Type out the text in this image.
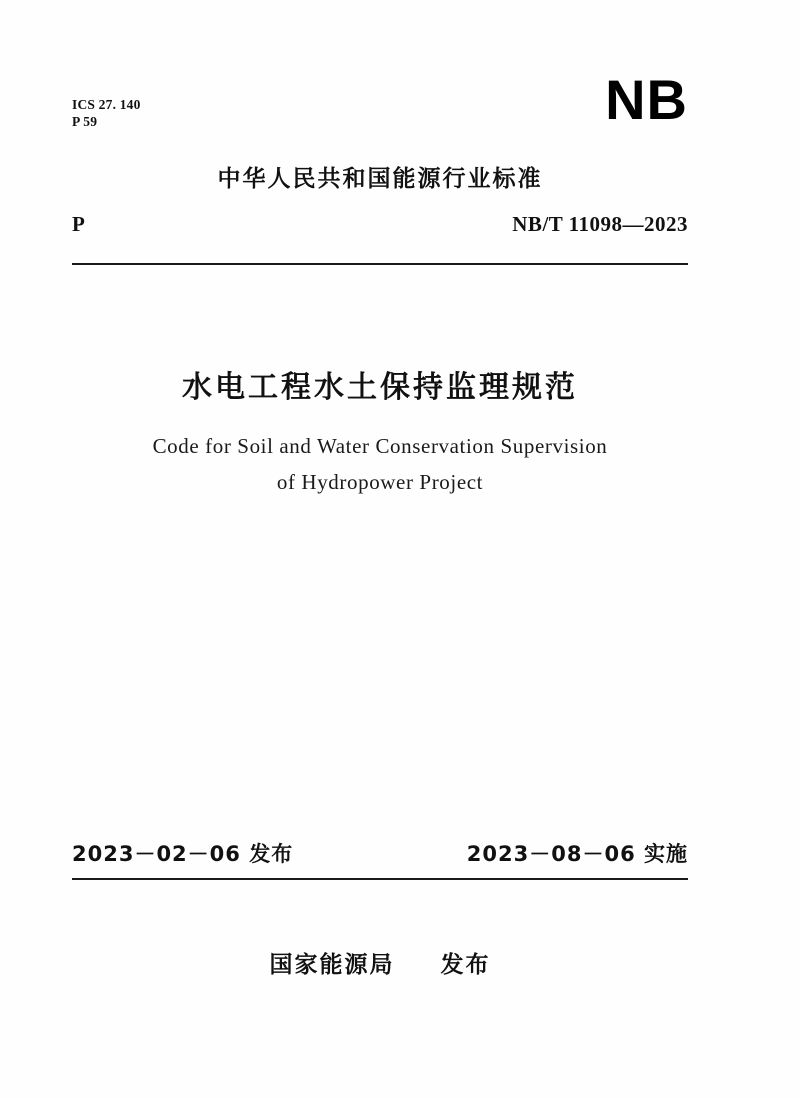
ICS 27. 140
P 59	NB
中华人民共和国能源行业标准
P	NB/T 11098—2023
水电工程水土保持监理规范
Code for Soil and Water Conservation Supervision
of Hydropower Project
2023－02－06 发布	2023－08－06 实施
国家能源局 发布
